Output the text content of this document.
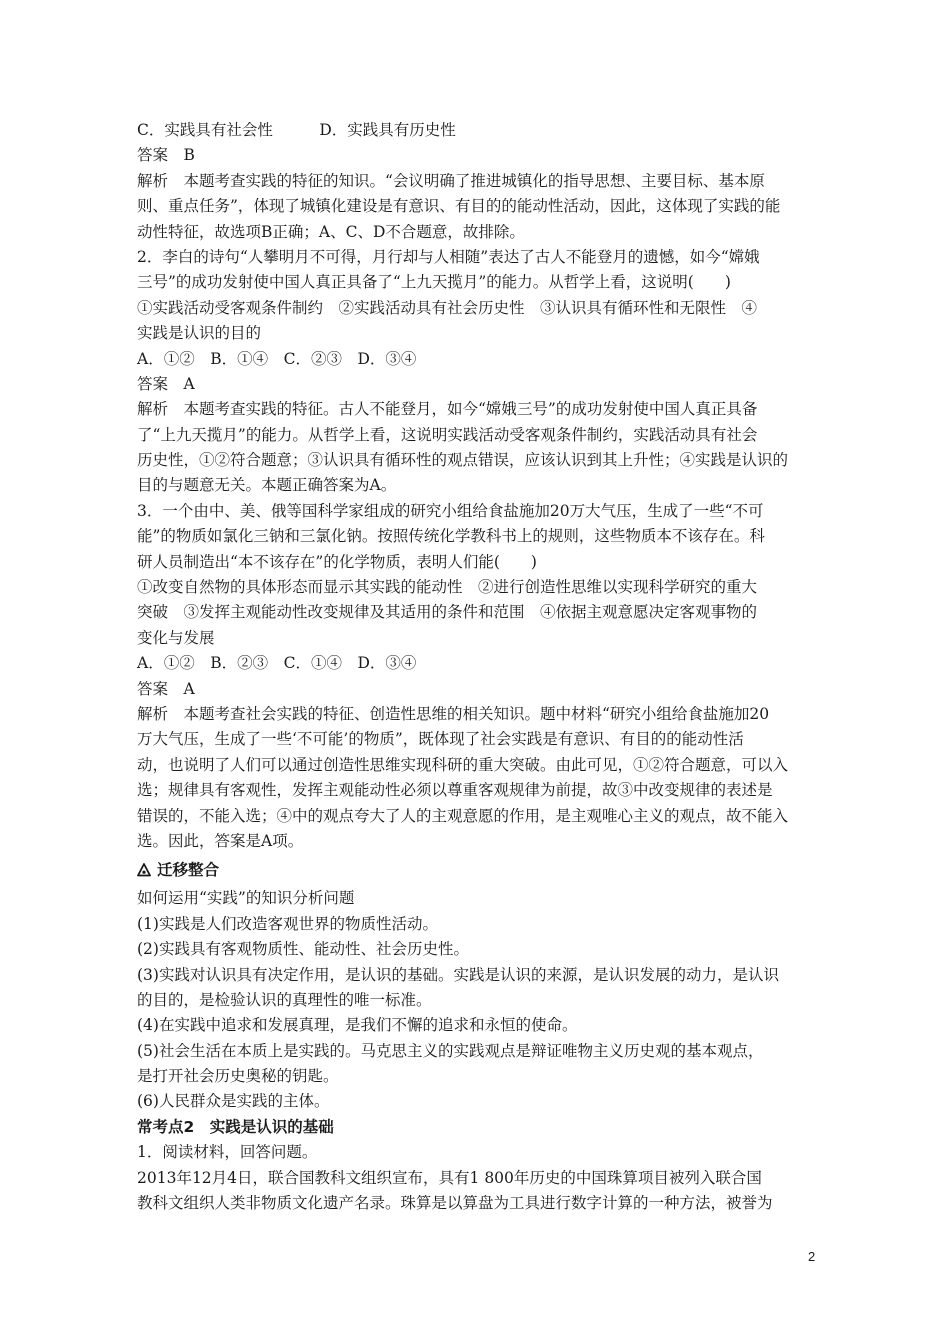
C．实践具有社会性　　　D．实践具有历史性
答案　B
解析　本题考查实践的特征的知识。“会议明确了推进城镇化的指导思想、主要目标、基本原
则、重点任务”，体现了城镇化建设是有意识、有目的的能动性活动，因此，这体现了实践的能
动性特征，故选项B正确；A、C、D不合题意，故排除。
2．李白的诗句“人攀明月不可得，月行却与人相随”表达了古人不能登月的遗憾，如今“嫦娥
三号”的成功发射使中国人真正具备了“上九天揽月”的能力。从哲学上看，这说明(　　)
①实践活动受客观条件制约　②实践活动具有社会历史性　③认识具有循环性和无限性　④
实践是认识的目的
A．①②　B．①④　C．②③　D．③④
答案　A
解析　本题考查实践的特征。古人不能登月，如今“嫦娥三号”的成功发射使中国人真正具备
了“上九天揽月”的能力。从哲学上看，这说明实践活动受客观条件制约，实践活动具有社会
历史性，①②符合题意；③认识具有循环性的观点错误，应该认识到其上升性；④实践是认识的
目的与题意无关。本题正确答案为A。
3．一个由中、美、俄等国科学家组成的研究小组给食盐施加20万大气压，生成了一些“不可
能”的物质如氯化三钠和三氯化钠。按照传统化学教科书上的规则，这些物质本不该存在。科
研人员制造出“本不该存在”的化学物质，表明人们能(　　)
①改变自然物的具体形态而显示其实践的能动性　②进行创造性思维以实现科学研究的重大
突破　③发挥主观能动性改变规律及其适用的条件和范围　④依据主观意愿决定客观事物的
变化与发展
A．①②　B．②③　C．①④　D．③④
答案　A
解析　本题考查社会实践的特征、创造性思维的相关知识。题中材料“研究小组给食盐施加20
万大气压，生成了一些‘不可能’的物质”，既体现了社会实践是有意识、有目的的能动性活
动，也说明了人们可以通过创造性思维实现科研的重大突破。由此可见，①②符合题意，可以入
选；规律具有客观性，发挥主观能动性必须以尊重客观规律为前提，故③中改变规律的表述是
错误的，不能入选；④中的观点夸大了人的主观意愿的作用，是主观唯心主义的观点，故不能入
选。因此，答案是A项。
迁移整合
如何运用“实践”的知识分析问题
(1)实践是人们改造客观世界的物质性活动。
(2)实践具有客观物质性、能动性、社会历史性。
(3)实践对认识具有决定作用，是认识的基础。实践是认识的来源，是认识发展的动力，是认识
的目的，是检验认识的真理性的唯一标准。
(4)在实践中追求和发展真理，是我们不懈的追求和永恒的使命。
(5)社会生活在本质上是实践的。马克思主义的实践观点是辩证唯物主义历史观的基本观点，
是打开社会历史奥秘的钥匙。
(6)人民群众是实践的主体。
常考点2　实践是认识的基础
1．阅读材料，回答问题。
2013年12月4日，联合国教科文组织宣布，具有1 800年历史的中国珠算项目被列入联合国
教科文组织人类非物质文化遗产名录。珠算是以算盘为工具进行数字计算的一种方法，被誉为
2
